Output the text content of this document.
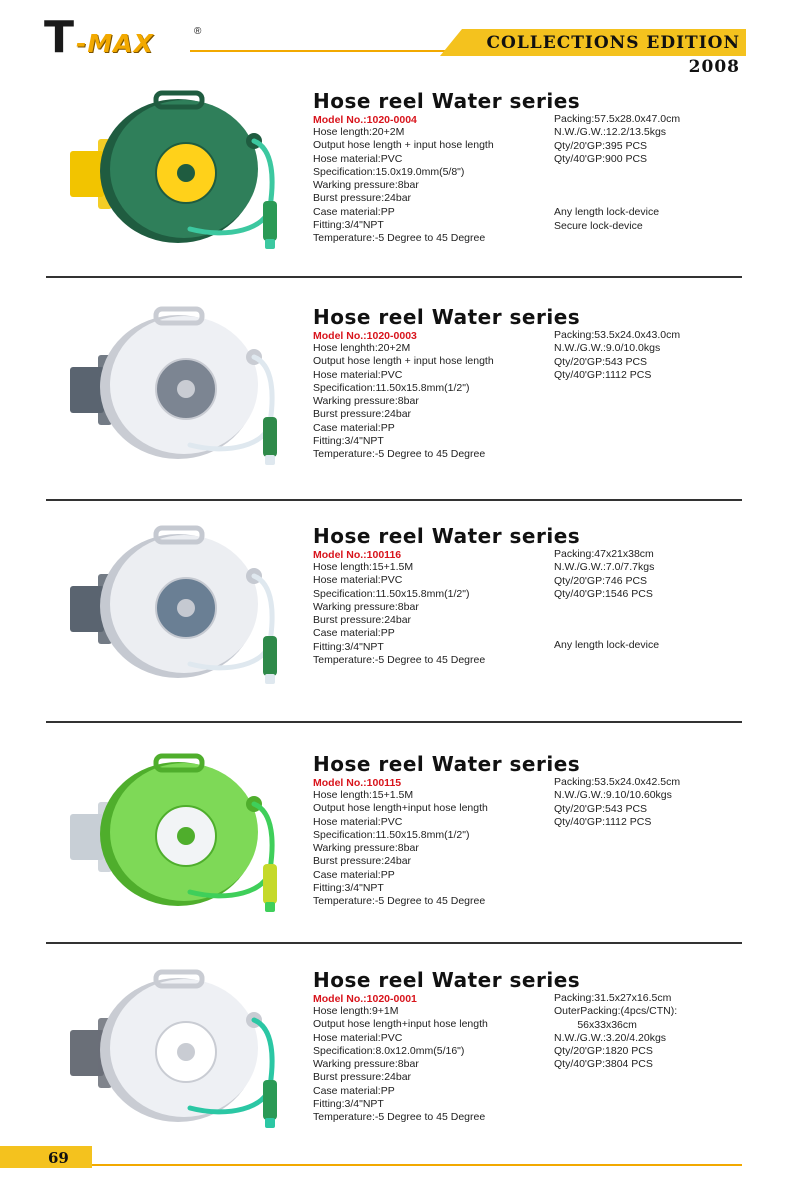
T -MAX	®
COLLECTIONS EDITION 2008
Hose reel Water series
Model No.:1020-0004
Hose length:20+2M
Output hose length + input hose length
Hose material:PVC
Specification:15.0x19.0mm(5/8")
Warking pressure:8bar
Burst pressure:24bar
Case material:PP
Fitting:3/4"NPT
Temperature:-5 Degree to 45 Degree
Packing:57.5x28.0x47.0cm
N.W./G.W.:12.2/13.5kgs
Qty/20'GP:395 PCS
Qty/40'GP:900 PCS
Any length lock-device
Secure lock-device
Hose reel Water series
Model No.:1020-0003
Hose lenghth:20+2M
Output hose length + input hose length
Hose material:PVC
Specification:11.50x15.8mm(1/2")
Warking pressure:8bar
Burst pressure:24bar
Case material:PP
Fitting:3/4"NPT
Temperature:-5 Degree to 45 Degree
Packing:53.5x24.0x43.0cm
N.W./G.W.:9.0/10.0kgs
Qty/20'GP:543 PCS
Qty/40'GP:1112 PCS
Hose reel Water series
Model No.:100116
Hose length:15+1.5M
Hose material:PVC
Specification:11.50x15.8mm(1/2")
Warking pressure:8bar
Burst pressure:24bar
Case material:PP
Fitting:3/4"NPT
Temperature:-5 Degree to 45 Degree
Packing:47x21x38cm
N.W./G.W.:7.0/7.7kgs
Qty/20'GP:746 PCS
Qty/40'GP:1546 PCS
Any length lock-device
Hose reel Water series
Model No.:100115
Hose length:15+1.5M
Output hose length+input hose length
Hose material:PVC
Specification:11.50x15.8mm(1/2")
Warking pressure:8bar
Burst pressure:24bar
Case material:PP
Fitting:3/4"NPT
Temperature:-5 Degree to 45 Degree
Packing:53.5x24.0x42.5cm
N.W./G.W.:9.10/10.60kgs
Qty/20'GP:543 PCS
Qty/40'GP:1112 PCS
Hose reel Water series
Model No.:1020-0001
Hose length:9+1M
Output hose length+input hose length
Hose material:PVC
Specification:8.0x12.0mm(5/16")
Warking pressure:8bar
Burst pressure:24bar
Case material:PP
Fitting:3/4"NPT
Temperature:-5 Degree to 45 Degree
Packing:31.5x27x16.5cm
OuterPacking:(4pcs/CTN):
56x33x36cm
N.W./G.W.:3.20/4.20kgs
Qty/20'GP:1820 PCS
Qty/40'GP:3804 PCS
69
